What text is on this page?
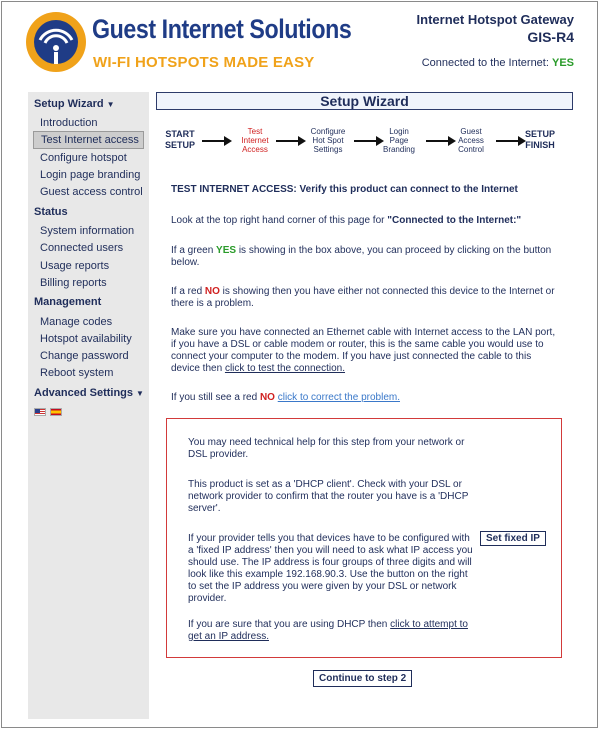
Guest Internet Solutions
WI-FI HOTSPOTS MADE EASY
Internet Hotspot Gateway
GIS-R4
Connected to the Internet: YES
Setup Wizard ▼
Introduction
Test Internet access
Configure hotspot
Login page branding
Guest access control
Status
System information
Connected users
Usage reports
Billing reports
Management
Manage codes
Hotspot availability
Change password
Reboot system
Advanced Settings ▼
Setup Wizard
START
SETUP
Test
Internet
Access
Configure
Hot Spot
Settings
Login
Page
Branding
Guest
Access
Control
SETUP
FINISH
TEST INTERNET ACCESS: Verify this product can connect to the Internet
Look at the top right hand corner of this page for "Connected to the Internet:"
If a green YES is showing in the box above, you can proceed by clicking on the button below.
If a red NO is showing then you have either not connected this device to the Internet or there is a problem.
Make sure you have connected an Ethernet cable with Internet access to the LAN port, if you have a DSL or cable modem or router, this is the same cable you would use to connect your computer to the modem. If you have just connected the cable to this device then click to test the connection.
If you still see a red NO click to correct the problem.
You may need technical help for this step from your network or DSL provider.
This product is set as a 'DHCP client'. Check with your DSL or network provider to confirm that the router you have is a 'DHCP server'.
If your provider tells you that devices have to be configured with a 'fixed IP address' then you will need to ask what IP access you should use. The IP address is four groups of three digits and will look like this example 192.168.90.3. Use the button on the right to set the IP address you were given by your DSL or network provider.
Set fixed IP
If you are sure that you are using DHCP then click to attempt to get an IP address.
Continue to step 2
